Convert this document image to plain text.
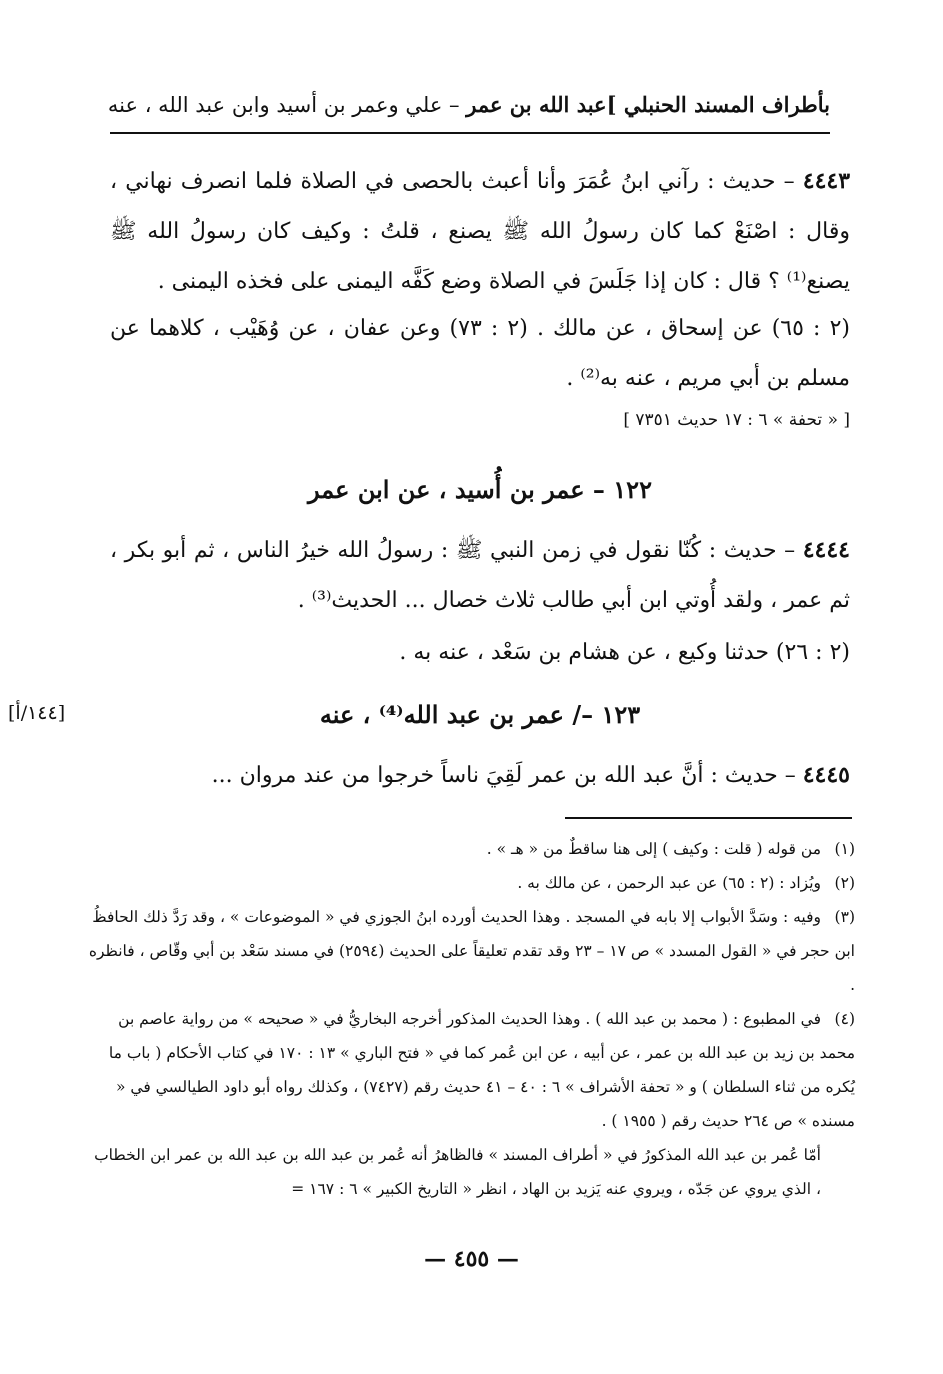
بأطراف المسند الحنبلي ]
عبد الله بن عمر – علي وعمر بن أسيد وابن عبد الله ، عنه
٤٤٤٣ – حديث : رآني ابنُ عُمَرَ وأنا أعبث بالحصى في الصلاة فلما انصرف نهاني ، وقال : اصْنَعْ كما كان رسولُ الله ﷺ يصنع ، قلتُ : وكيف كان رسولُ الله ﷺ يصنع⁽¹⁾ ؟ قال : كان إذا جَلَسَ في الصلاة وضع كَفَّه اليمنى على فخذه اليمنى .
(٢ : ٦٥) عن إسحاق ، عن مالك . (٢ : ٧٣) وعن عفان ، عن وُهَيْب ، كلاهما عن مسلم بن أبي مريم ، عنه به⁽²⁾ .
[ « تحفة » ٦ : ١٧ حديث ٧٣٥١ ]
١٢٢ – عمر بن أُسيد ، عن ابن عمر
٤٤٤٤ – حديث : كُنّا نقول في زمن النبي ﷺ : رسولُ الله خيرُ الناس ، ثم أبو بكر ، ثم عمر ، ولقد أُوتي ابن أبي طالب ثلاث خصال ... الحديث⁽³⁾ .
(٢ : ٢٦) حدثنا وكيع ، عن هشام بن سَعْد ، عنه به .
[١٤٤/أ]	١٢٣ –/ عمر بن عبد الله⁽⁴⁾ ، عنه
٤٤٤٥ – حديث : أنَّ عبد الله بن عمر لَقِيَ ناساً خرجوا من عند مروان ...

(١)من قوله ( قلت : وكيف ) إلى هنا ساقطٌ من « هـ » .

(٢)ويُزاد : (٢ : ٦٥) عن عبد الرحمن ، عن مالك به .

(٣)وفيه : وسَدَّ الأبواب إلا بابه في المسجد . وهذا الحديث أورده ابنُ الجوزي في « الموضوعات » ، وقد رَدَّ ذلك الحافظُ ابن حجر في « القول المسدد » ص ١٧ – ٢٣ وقد تقدم تعليقاً على الحديث (٢٥٩٤) في مسند سَعْد بن أبي وقّاص ، فانظره .

(٤)في المطبوع : ( محمد بن عبد الله ) . وهذا الحديث المذكور أخرجه البخاريُّ في « صحيحه » من رواية عاصم بن محمد بن زيد بن عبد الله بن عمر ، عن أبيه ، عن ابن عُمر كما في « فتح الباري » ١٣ : ١٧٠ في كتاب الأحكام ( باب ما يُكره من ثناء السلطان ) و « تحفة الأشراف » ٦ : ٤٠ – ٤١ حديث رقم (٧٤٢٧) ، وكذلك رواه أبو داود الطيالسي في « مسنده » ص ٢٦٤ حديث رقم ( ١٩٥٥ ) .

أمّا عُمر بن عبد الله المذكورُ في « أطراف المسند » فالظاهرُ أنه عُمر بن عبد الله بن عبد الله بن عمر ابن الخطاب ، الذي يروي عن جَدّه ، ويروي عنه يَزيد بن الهاد ، انظر « التاريخ الكبير » ٦ : ١٦٧ =

— ٤٥٥ —
